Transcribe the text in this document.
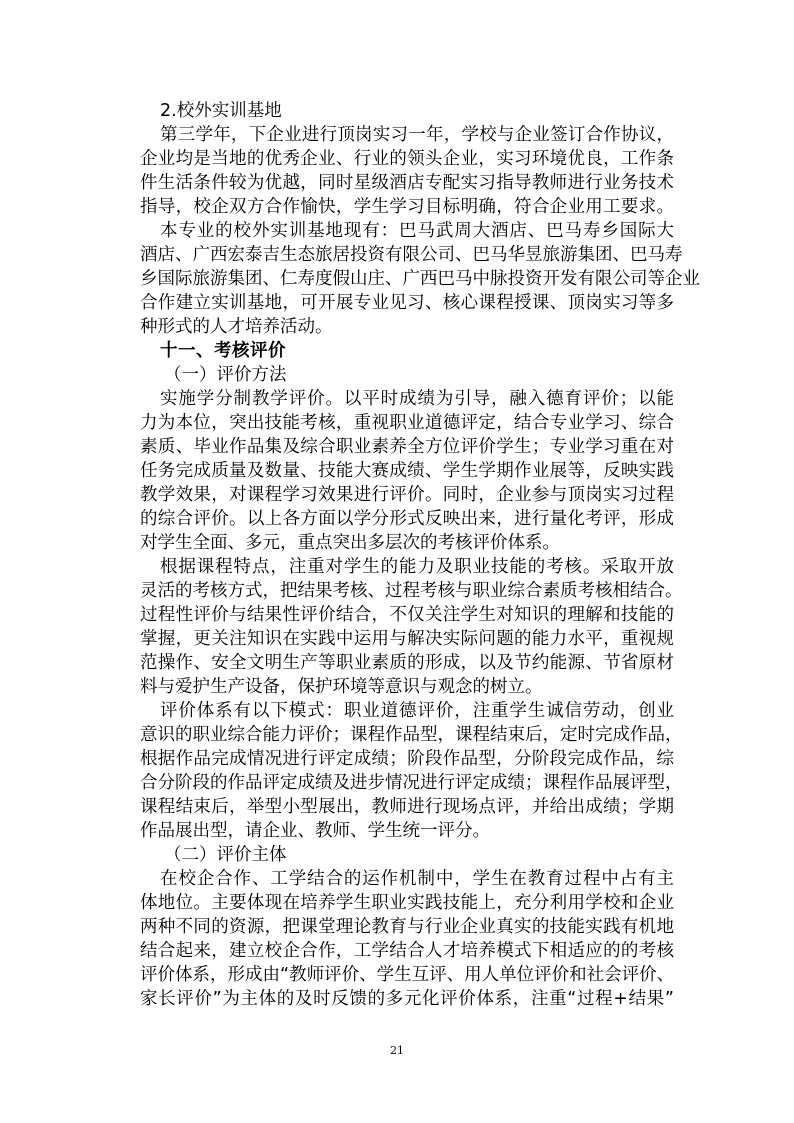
2.校外实训基地
第三学年，下企业进行顶岗实习一年，学校与企业签订合作协议，
企业均是当地的优秀企业、行业的领头企业，实习环境优良，工作条
件生活条件较为优越，同时星级酒店专配实习指导教师进行业务技术
指导，校企双方合作愉快，学生学习目标明确，符合企业用工要求。
本专业的校外实训基地现有：巴马武周大酒店、巴马寿乡国际大
酒店、广西宏泰吉生态旅居投资有限公司、巴马华昱旅游集团、巴马寿
乡国际旅游集团、仁寿度假山庄、广西巴马中脉投资开发有限公司等企业
合作建立实训基地，可开展专业见习、核心课程授课、顶岗实习等多
种形式的人才培养活动。
十一、考核评价
（一）评价方法
实施学分制教学评价。以平时成绩为引导，融入德育评价；以能
力为本位，突出技能考核，重视职业道德评定，结合专业学习、综合
素质、毕业作品集及综合职业素养全方位评价学生；专业学习重在对
任务完成质量及数量、技能大赛成绩、学生学期作业展等，反映实践
教学效果，对课程学习效果进行评价。同时，企业参与顶岗实习过程
的综合评价。以上各方面以学分形式反映出来，进行量化考评，形成
对学生全面、多元，重点突出多层次的考核评价体系。
根据课程特点，注重对学生的能力及职业技能的考核。采取开放
灵活的考核方式，把结果考核、过程考核与职业综合素质考核相结合。
过程性评价与结果性评价结合，不仅关注学生对知识的理解和技能的
掌握，更关注知识在实践中运用与解决实际问题的能力水平，重视规
范操作、安全文明生产等职业素质的形成，以及节约能源、节省原材
料与爱护生产设备，保护环境等意识与观念的树立。
评价体系有以下模式：职业道德评价，注重学生诚信劳动，创业
意识的职业综合能力评价；课程作品型，课程结束后，定时完成作品，
根据作品完成情况进行评定成绩；阶段作品型，分阶段完成作品，综
合分阶段的作品评定成绩及进步情况进行评定成绩；课程作品展评型，
课程结束后，举型小型展出，教师进行现场点评，并给出成绩；学期
作品展出型，请企业、教师、学生统一评分。
（二）评价主体
在校企合作、工学结合的运作机制中，学生在教育过程中占有主
体地位。主要体现在培养学生职业实践技能上，充分利用学校和企业
两种不同的资源，把课堂理论教育与行业企业真实的技能实践有机地
结合起来，建立校企合作，工学结合人才培养模式下相适应的的考核
评价体系，形成由“教师评价、学生互评、用人单位评价和社会评价、
家长评价”为主体的及时反馈的多元化评价体系，注重“过程+结果”
21
